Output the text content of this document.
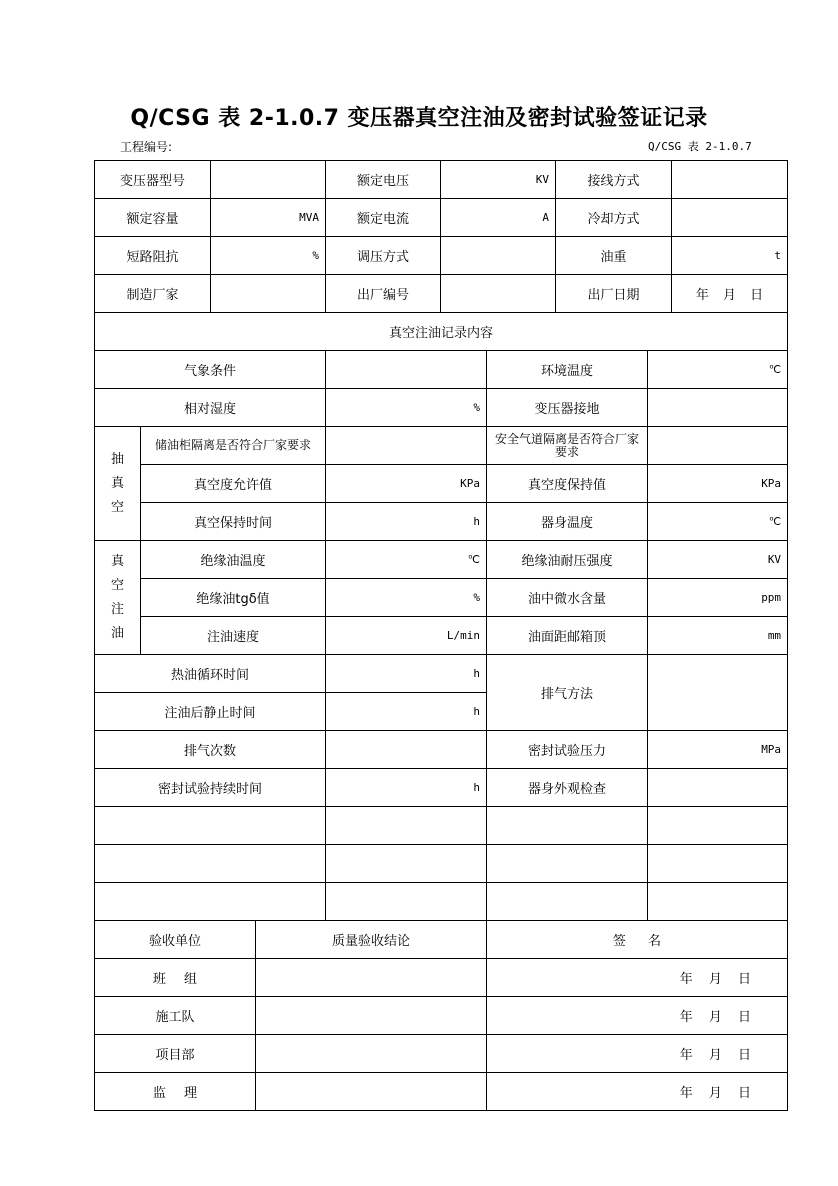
Q/CSG 表 2-1.0.7 变压器真空注油及密封试验签证记录
工程编号:	Q/CSG 表 2-1.0.7
变压器型号		额定电压	KV	接线方式	
额定容量	MVA	额定电流	A	冷却方式	
短路阻抗	%	调压方式		油重	t
制造厂家		出厂编号		出厂日期	年 月 日
真空注油记录内容				
气象条件			环境温度	℃
相对湿度		%	变压器接地	

抽真空	储油柜隔离是否符合厂家要求		安全气道隔离是否符合厂家要求	
	真空度允许值	KPa	真空度保持值	KPa
	真空保持时间	h	器身温度	℃

真空注油	绝缘油温度	℃	绝缘油耐压强度	KV
	绝缘油tgδ值	%	油中微水含量	ppm
	注油速度	L/min	油面距邮箱顶	mm
热油循环时间		h	排气方法	
注油后静止时间		h		
排气次数			密封试验压力	MPa
密封试验持续时间		h	器身外观检查	

验收单位	质量验收结论	签 名
班 组		年 月 日
施工队		年 月 日
项目部		年 月 日
监 理		年 月 日
